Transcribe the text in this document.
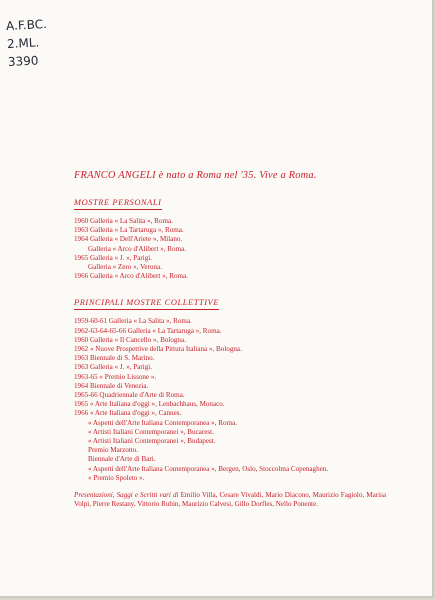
A.F.BC.
2.ML.
3390
FRANCO ANGELI è nato a Roma nel '35. Vive a Roma.
MOSTRE PERSONALI
1960 Galleria « La Salita », Roma.
1963 Galleria « La Tartaruga », Roma.
1964 Galleria « Dell'Ariete », Milano.
Galleria « Arco d'Alibert », Roma.
1965 Galleria « J. », Parigi.
Galleria « Zero », Verona.
1966 Galleria « Arco d'Alibert », Roma.
PRINCIPALI MOSTRE COLLETTIVE
1959-60-61 Galleria « La Salita », Roma.
1962-63-64-65-66 Galleria « La Tartaruga », Roma.
1960 Galleria « Il Cancello », Bologna.
1962 « Nuove Prospettive della Pittura Italiana », Bologna.
1963 Biennale di S. Marino.
1963 Galleria « J. », Parigi.
1963-65 « Premio Lissone ».
1964 Biennale di Venezia.
1965-66 Quadriennale d'Arte di Roma.
1965 « Arte Italiana d'oggi », Lenbachhaus, Monaco.
1966 « Arte Italiana d'oggi », Cannes.
« Aspetti dell'Arte Italiana Contemporanea », Roma.
« Artisti Italiani Contemporanei », Bucarest.
« Artisti Italiani Contemporanei », Budapest.
Premio Marzotto.
Biennale d'Arte di Bari.
« Aspetti dell'Arte Italiana Contemporanea », Bergen, Oslo, Stoccolma Copenaghen.
« Premio Spoleto ».
Presentazioni, Saggi e Scritti vari di Emilio Villa, Cesare Vivaldi, Mario Diacono, Maurizio Fagiolo, Marisa Volpi, Pierre Restany, Vittorio Rubin, Maurizio Calvesi, Gillo Dorfles, Nello Ponente.
